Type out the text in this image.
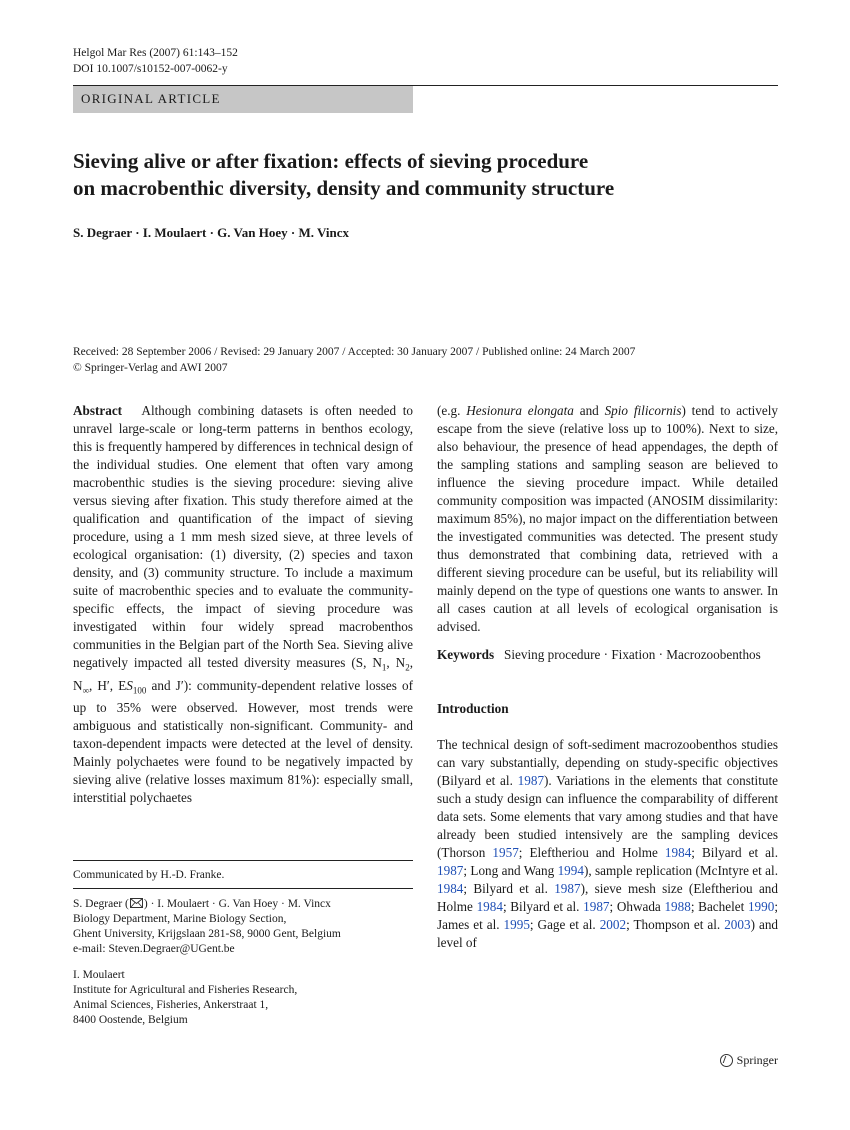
Helgol Mar Res (2007) 61:143–152
DOI 10.1007/s10152-007-0062-y
ORIGINAL ARTICLE
Sieving alive or after fixation: effects of sieving procedure
on macrobenthic diversity, density and community structure
S. Degraer · I. Moulaert · G. Van Hoey · M. Vincx
Received: 28 September 2006 / Revised: 29 January 2007 / Accepted: 30 January 2007 / Published online: 24 March 2007
© Springer-Verlag and AWI 2007

Abstract Although combining datasets is often needed to unravel large-scale or long-term patterns in benthos ecology, this is frequently hampered by differences in technical design of the individual studies. One element that often vary among macrobenthic studies is the sieving procedure: sieving alive versus sieving after fixation. This study therefore aimed at the qualification and quantification of the impact of sieving procedure, using a 1 mm mesh sized sieve, at three levels of ecological organisation: (1) diversity, (2) species and taxon density, and (3) community structure. To include a maximum suite of macrobenthic species and to evaluate the community-specific effects, the impact of sieving procedure was investigated within four widely spread macrobenthos communities in the Belgian part of the North Sea. Sieving alive negatively impacted all tested diversity measures (S, $N_1$, $N_2$, $N_\infty$, H′, $ES_{100}$ and J′): community-dependent relative losses of up to 35% were observed. However, most trends were ambiguous and statistically non-significant. Community- and taxon-dependent impacts were detected at the level of density. Mainly polychaetes were found to be negatively impacted by sieving alive (relative losses maximum 81%): especially small, interstitial polychaetes

Communicated by H.-D. Franke.
S. Degraer ( ) · I. Moulaert · G. Van Hoey · M. Vincx
Biology Department, Marine Biology Section,
Ghent University, Krijgslaan 281-S8, 9000 Gent, Belgium
e-mail: Steven.Degraer@UGent.be
I. Moulaert
Institute for Agricultural and Fisheries Research,
Animal Sciences, Fisheries, Ankerstraat 1,
8400 Oostende, Belgium

(e.g. Hesionura elongata and Spio filicornis) tend to actively escape from the sieve (relative loss up to 100%). Next to size, also behaviour, the presence of head appendages, the depth of the sampling stations and sampling season are believed to influence the sieving procedure impact. While detailed community composition was impacted (ANOSIM dissimilarity: maximum 85%), no major impact on the differentiation between the investigated communities was detected. The present study thus demonstrated that combining data, retrieved with a different sieving procedure can be useful, but its reliability will mainly depend on the type of questions one wants to answer. In all cases caution at all levels of ecological organisation is advised.

Keywords Sieving procedure · Fixation · Macrozoobenthos

Introduction

The technical design of soft-sediment macrozoobenthos studies can vary substantially, depending on study-specific objectives (Bilyard et al. 1987). Variations in the elements that constitute such a study design can influence the comparability of different data sets. Some elements that vary among studies and that have already been studied intensively are the sampling devices (Thorson 1957; Eleftheriou and Holme 1984; Bilyard et al. 1987; Long and Wang 1994), sample replication (McIntyre et al. 1984; Bilyard et al. 1987), sieve mesh size (Eleftheriou and Holme 1984; Bilyard et al. 1987; Ohwada 1988; Bachelet 1990; James et al. 1995; Gage et al. 2002; Thompson et al. 2003) and level of

Springer
